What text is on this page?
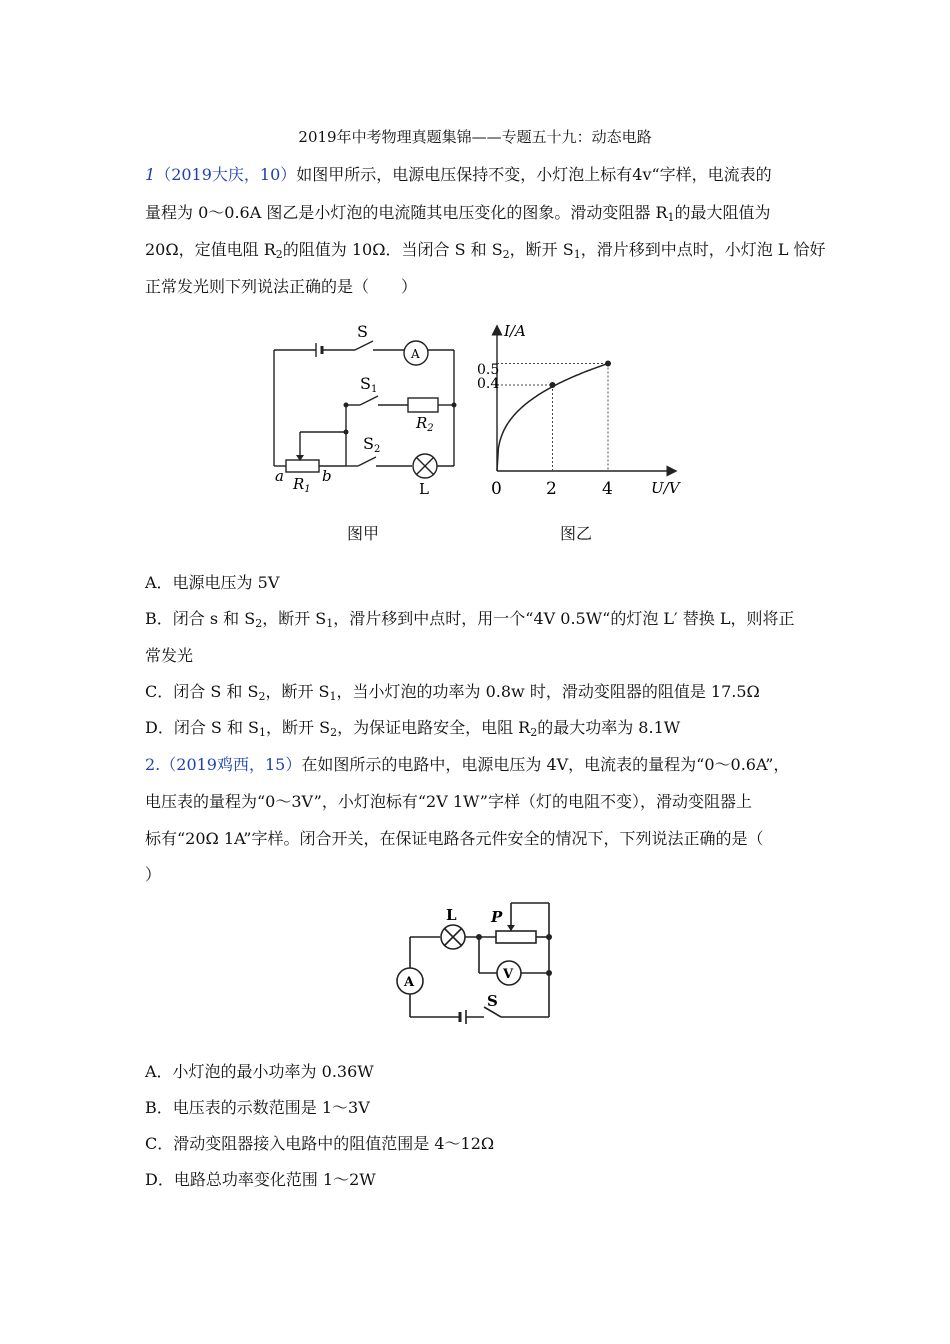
2019年中考物理真题集锦——专题五十九：动态电路
1（2019大庆，10）如图甲所示，电源电压保持不变，小灯泡上标有4v“字样，电流表的
量程为 0～0.6A 图乙是小灯泡的电流随其电压变化的图象。滑动变阻器 $R_1$的最大阻值为
20Ω，定值电阻 $R_2$的阻值为 10Ω．当闭合 S 和 $S_2$，断开 $S_1$，滑片移到中点时，小灯泡 L 恰好
正常发光则下列说法正确的是（　　）
S
A
S1
$R_2$
S2
a	b
$R_1$	L
I/A
U/V
0.5
0.4
0	2	4
图甲	图乙
A．电源电压为 5V
B．闭合 s 和 $S_2$，断开 $S_1$，滑片移到中点时，用一个“4V 0.5W“的灯泡 L′ 替换 L，则将正
常发光
C．闭合 S 和 $S_2$，断开 $S_1$，当小灯泡的功率为 0.8w 时，滑动变阻器的阻值是 17.5Ω
D．闭合 S 和 $S_1$，断开 $S_2$，为保证电路安全，电阻 $R_2$的最大功率为 8.1W
2.（2019鸡西，15）在如图所示的电路中，电源电压为 4V，电流表的量程为“0～0.6A”，
电压表的量程为“0～3V”，小灯泡标有“2V 1W”字样（灯的电阻不变），滑动变阻器上
标有“20Ω 1A”字样。闭合开关，在保证电路各元件安全的情况下，下列说法正确的是（
）
L P
V
A
S
A．小灯泡的最小功率为 0.36W
B．电压表的示数范围是 1～3V
C．滑动变阻器接入电路中的阻值范围是 4～12Ω
D．电路总功率变化范围 1～2W
